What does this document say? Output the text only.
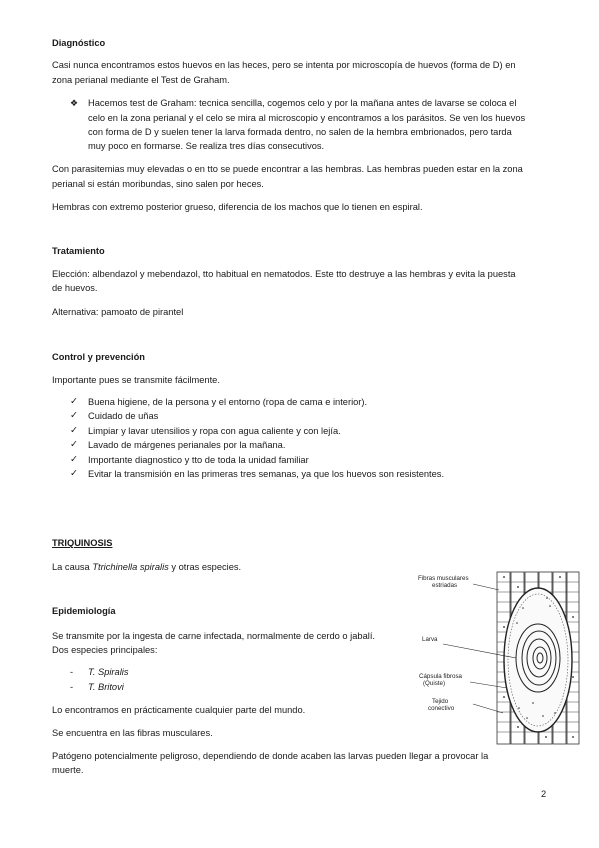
Diagnóstico
Casi nunca encontramos estos huevos en las heces, pero se intenta por microscopía de huevos (forma de D) en
zona perianal mediante el Test de Graham.
❖ Hacemos test de Graham: tecnica sencilla, cogemos celo y por la mañana antes de lavarse se coloca el
celo en la zona perianal y el celo se mira al microscopio y encontramos a los parásitos. Se ven los huevos
con forma de D y suelen tener la larva formada dentro, no salen de la hembra embrionados, pero tarda
muy poco en formarse. Se realiza tres días consecutivos.
Con parasitemias muy elevadas o en tto se puede encontrar a las hembras. Las hembras pueden estar en la zona
perianal si están moribundas, sino salen por heces.
Hembras con extremo posterior grueso, diferencia de los machos que lo tienen en espiral.
Tratamiento
Elección: albendazol y mebendazol, tto habitual en nematodos. Este tto destruye a las hembras y evita la puesta
de huevos.
Alternativa: pamoato de pirantel
Control y prevención
Importante pues se transmite fácilmente.
✓ Buena higiene, de la persona y el entorno (ropa de cama e interior).
✓ Cuidado de uñas
✓ Limpiar y lavar utensilios y ropa con agua caliente y con lejía.
✓ Lavado de márgenes perianales por la mañana.
✓ Importante diagnostico y tto de toda la unidad familiar
✓ Evitar la transmisión en las primeras tres semanas, ya que los huevos son resistentes.
TRIQUINOSIS
La causa Ttrichinella spiralis y otras especies.
Epidemiología
Se transmite por la ingesta de carne infectada, normalmente de cerdo o jabalí.
Dos especies principales:
- T. Spiralis
- T. Britovi
Lo encontramos en prácticamente cualquier parte del mundo.
Se encuentra en las fibras musculares.
Patógeno potencialmente peligroso, dependiendo de donde acaben las larvas pueden llegar a provocar la
muerte.
Fibras musculares
estriadas
Larva
Cápsula fibrosa
(Quiste)
Tejido
conectivo
2
